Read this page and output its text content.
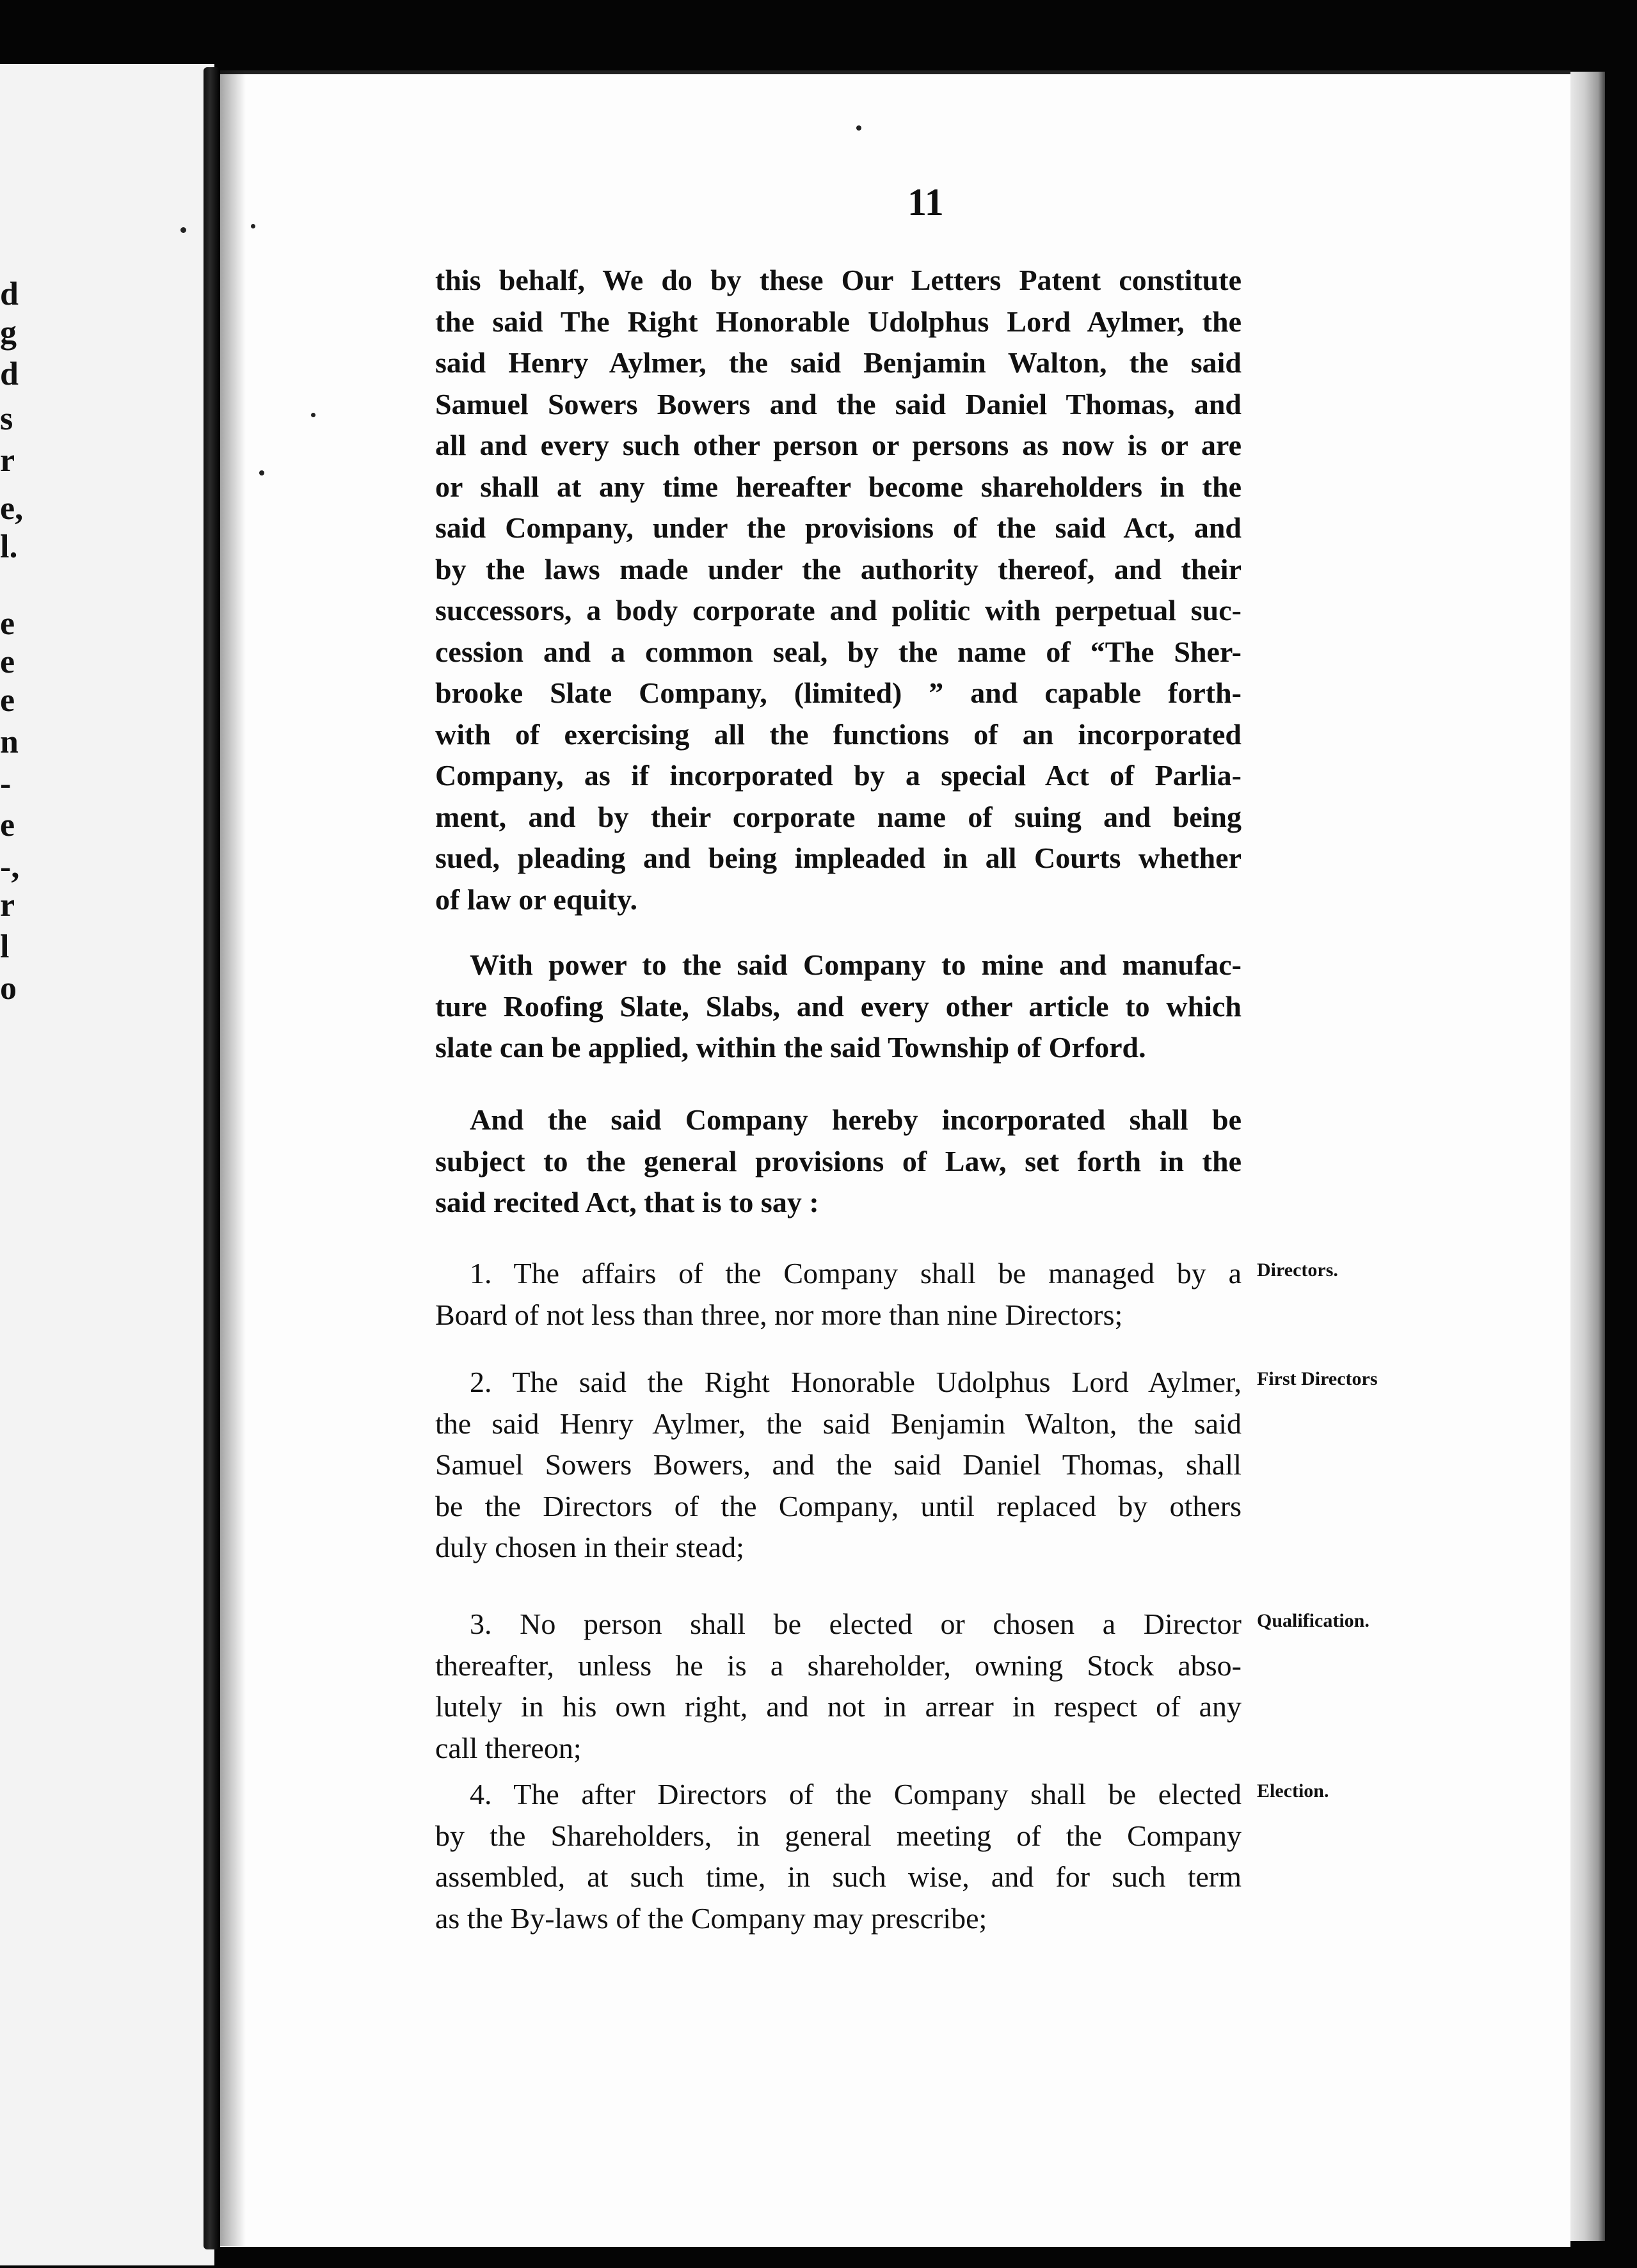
d
g
d
s
r
e,
l.
e
e
e
n
-
e
-,
r
l
o
11
this behalf, We do by these Our Letters Patent constitute
the said The Right Honorable Udolphus Lord Aylmer, the
said Henry Aylmer, the said Benjamin Walton, the said
Samuel Sowers Bowers and the said Daniel Thomas, and
all and every such other person or persons as now is or are
or shall at any time hereafter become shareholders in the
said Company, under the provisions of the said Act, and
by the laws made under the authority thereof, and their
successors, a body corporate and politic with perpetual suc-
cession and a common seal, by the name of “The Sher-
brooke Slate Company, (limited) ” and capable forth-
with of exercising all the functions of an incorporated
Company, as if incorporated by a special Act of Parlia-
ment, and by their corporate name of suing and being
sued, pleading and being impleaded in all Courts whether
of law or equity.
With power to the said Company to mine and manufac-
ture Roofing Slate, Slabs, and every other article to which
slate can be applied, within the said Township of Orford.
And the said Company hereby incorporated shall be
subject to the general provisions of Law, set forth in the
said recited Act, that is to say :
1. The affairs of the Company shall be managed by a
Board of not less than three, nor more than nine Directors;
2. The said the Right Honorable Udolphus Lord Aylmer,
the said Henry Aylmer, the said Benjamin Walton, the said
Samuel Sowers Bowers, and the said Daniel Thomas, shall
be the Directors of the Company, until replaced by others
duly chosen in their stead;
3. No person shall be elected or chosen a Director
thereafter, unless he is a shareholder, owning Stock abso-
lutely in his own right, and not in arrear in respect of any
call thereon;
4. The after Directors of the Company shall be elected
by the Shareholders, in general meeting of the Company
assembled, at such time, in such wise, and for such term
as the By-laws of the Company may prescribe;
Directors.
First Directors
Qualification.
Election.
